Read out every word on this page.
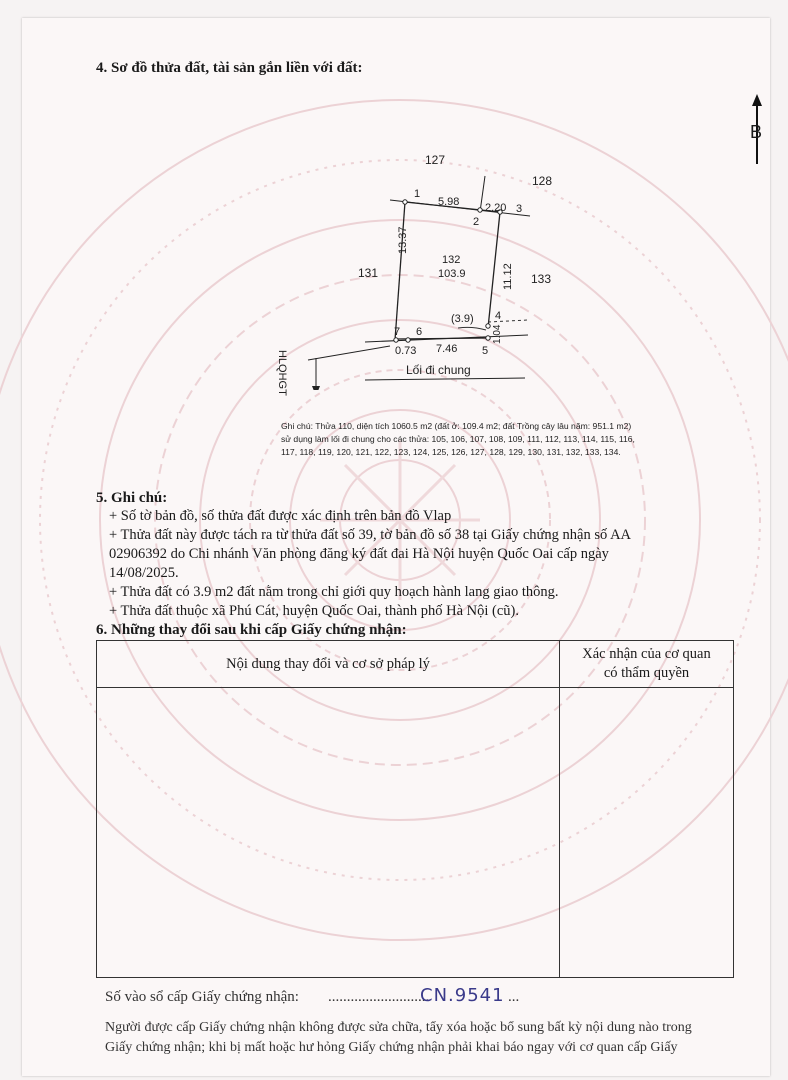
4. Sơ đồ thửa đất, tài sản gắn liền với đất:
B
127
128
131	133
1
2
3
4
5
6
7
5.98 2.20
13.37
11.12
1.04
0.73 7.46
132
103.9
(3.9)
HLQHGT	Lối đi chung
Ghi chú: Thửa 110, diện tích 1060.5 m2 (đất ở: 109.4 m2; đất Trồng cây lâu năm: 951.1 m2)
sử dụng làm lối đi chung cho các thửa: 105, 106, 107, 108, 109, 111, 112, 113, 114, 115, 116,
117, 118, 119, 120, 121, 122, 123, 124, 125, 126, 127, 128, 129, 130, 131, 132, 133, 134.
5. Ghi chú:
+ Số tờ bản đồ, số thửa đất được xác định trên bản đồ Vlap
+ Thửa đất này được tách ra từ thửa đất số 39, tờ bản đồ số 38 tại Giấy chứng nhận số AA
02906392 do Chi nhánh Văn phòng đăng ký đất đai Hà Nội huyện Quốc Oai cấp ngày
14/08/2025.
+ Thửa đất có 3.9 m2 đất nằm trong chỉ giới quy hoạch hành lang giao thông.
+ Thửa đất thuộc xã Phú Cát, huyện Quốc Oai, thành phố Hà Nội (cũ).
6. Những thay đổi sau khi cấp Giấy chứng nhận:
Nội dung thay đổi và cơ sở pháp lý	Xác nhận của cơ quan
có thẩm quyền

Số vào sổ cấp Giấy chứng nhận: ...........................
CN.9541 ...
Người được cấp Giấy chứng nhận không được sửa chữa, tẩy xóa hoặc bổ sung bất kỳ nội dung nào trong
Giấy chứng nhận; khi bị mất hoặc hư hỏng Giấy chứng nhận phải khai báo ngay với cơ quan cấp Giấy
